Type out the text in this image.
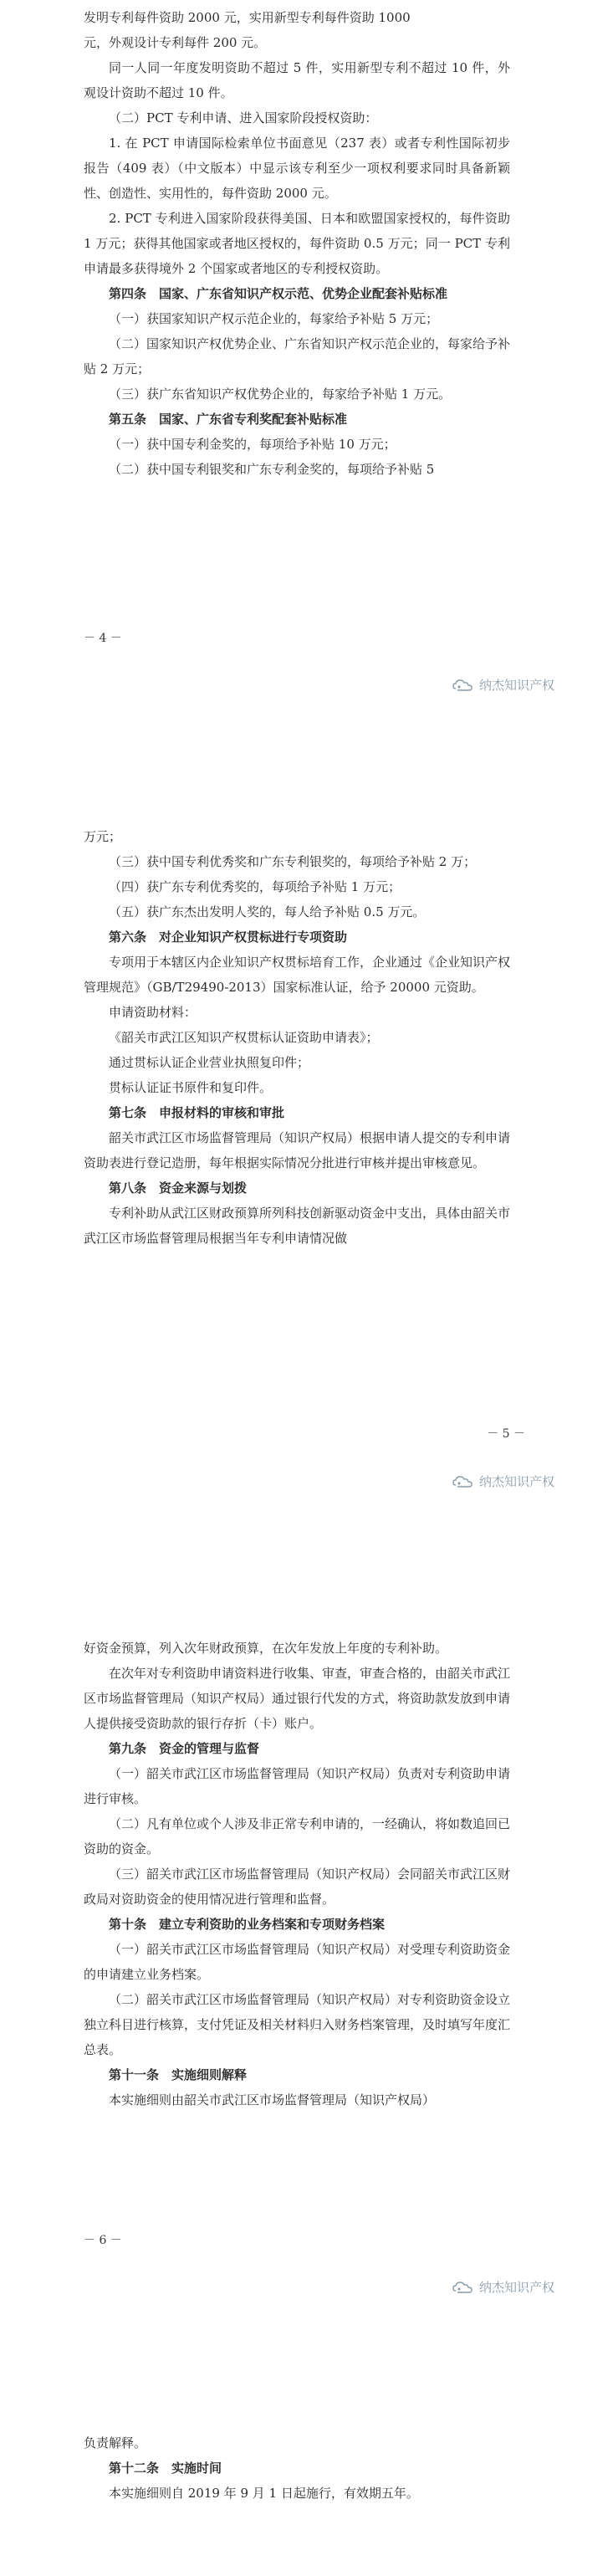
发明专利每件资助 2000 元，实用新型专利每件资助 1000

元，外观设计专利每件 200 元。

同一人同一年度发明资助不超过 5 件，实用新型专利不超过 10 件，外观设计资助不超过 10 件。

（二）PCT 专利申请、进入国家阶段授权资助：

1. 在 PCT 申请国际检索单位书面意见（237 表）或者专利性国际初步报告（409 表）（中文版本）中显示该专利至少一项权利要求同时具备新颖性、创造性、实用性的，每件资助 2000 元。

2. PCT 专利进入国家阶段获得美国、日本和欧盟国家授权的，每件资助 1 万元；获得其他国家或者地区授权的，每件资助 0.5 万元；同一 PCT 专利申请最多获得境外 2 个国家或者地区的专利授权资助。

第四条　国家、广东省知识产权示范、优势企业配套补贴标准

（一）获国家知识产权示范企业的，每家给予补贴 5 万元；

（二）国家知识产权优势企业、广东省知识产权示范企业的，每家给予补贴 2 万元；

（三）获广东省知识产权优势企业的，每家给予补贴 1 万元。

第五条　国家、广东省专利奖配套补贴标准

（一）获中国专利金奖的，每项给予补贴 10 万元；

（二）获中国专利银奖和广东专利金奖的，每项给予补贴 5

－ 4 －
纳杰知识产权

万元；

（三）获中国专利优秀奖和广东专利银奖的，每项给予补贴 2 万；

（四）获广东专利优秀奖的，每项给予补贴 1 万元；

（五）获广东杰出发明人奖的，每人给予补贴 0.5 万元。

第六条　对企业知识产权贯标进行专项资助

专项用于本辖区内企业知识产权贯标培育工作，企业通过《企业知识产权管理规范》（GB/T29490-2013）国家标准认证，给予 20000 元资助。

申请资助材料：

《韶关市武江区知识产权贯标认证资助申请表》；

通过贯标认证企业营业执照复印件；

贯标认证证书原件和复印件。

第七条　申报材料的审核和审批

韶关市武江区市场监督管理局（知识产权局）根据申请人提交的专利申请资助表进行登记造册，每年根据实际情况分批进行审核并提出审核意见。

第八条　资金来源与划拨

专利补助从武江区财政预算所列科技创新驱动资金中支出，具体由韶关市武江区市场监督管理局根据当年专利申请情况做

－ 5 －
纳杰知识产权

好资金预算，列入次年财政预算，在次年发放上年度的专利补助。

在次年对专利资助申请资料进行收集、审查，审查合格的，由韶关市武江区市场监督管理局（知识产权局）通过银行代发的方式，将资助款发放到申请人提供接受资助款的银行存折（卡）账户。

第九条　资金的管理与监督

（一）韶关市武江区市场监督管理局（知识产权局）负责对专利资助申请进行审核。

（二）凡有单位或个人涉及非正常专利申请的，一经确认，将如数追回已资助的资金。

（三）韶关市武江区市场监督管理局（知识产权局）会同韶关市武江区财政局对资助资金的使用情况进行管理和监督。

第十条　建立专利资助的业务档案和专项财务档案

（一）韶关市武江区市场监督管理局（知识产权局）对受理专利资助资金的申请建立业务档案。

（二）韶关市武江区市场监督管理局（知识产权局）对专利资助资金设立独立科目进行核算，支付凭证及相关材料归入财务档案管理，及时填写年度汇总表。

第十一条　实施细则解释

本实施细则由韶关市武江区市场监督管理局（知识产权局）

－ 6 －
纳杰知识产权

负责解释。

第十二条　实施时间

本实施细则自 2019 年 9 月 1 日起施行，有效期五年。
